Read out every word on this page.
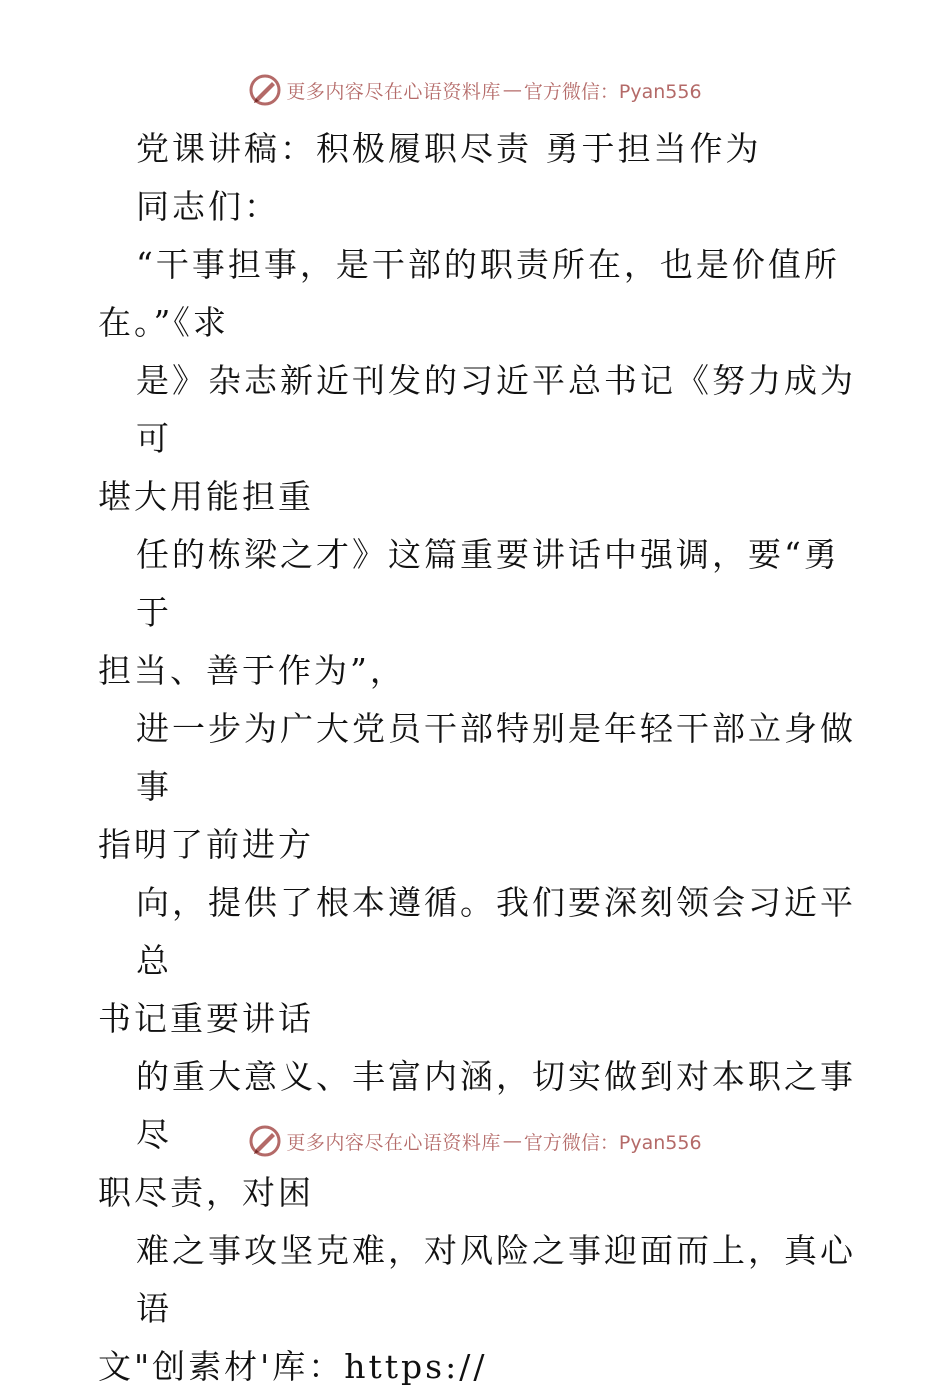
更多内容尽在心语资料库 — 官方微信：Pyan556

党课讲稿：积极履职尽责 勇于担当作为

同志们：

“干事担事，是干部的职责所在，也是价值所

在。”《求

是》杂志新近刊发的习近平总书记《努力成为可

堪大用能担重

任的栋梁之才》这篇重要讲话中强调，要“勇于

担当、善于作为”，

进一步为广大党员干部特别是年轻干部立身做事

指明了前进方

向，提供了根本遵循。我们要深刻领会习近平总

书记重要讲话

的重大意义、丰富内涵，切实做到对本职之事尽

职尽责，对困

难之事攻坚克难，对风险之事迎面而上，真心语

文"创素材'库：https://

更多内容尽在心语资料库 — 官方微信：Pyan556
